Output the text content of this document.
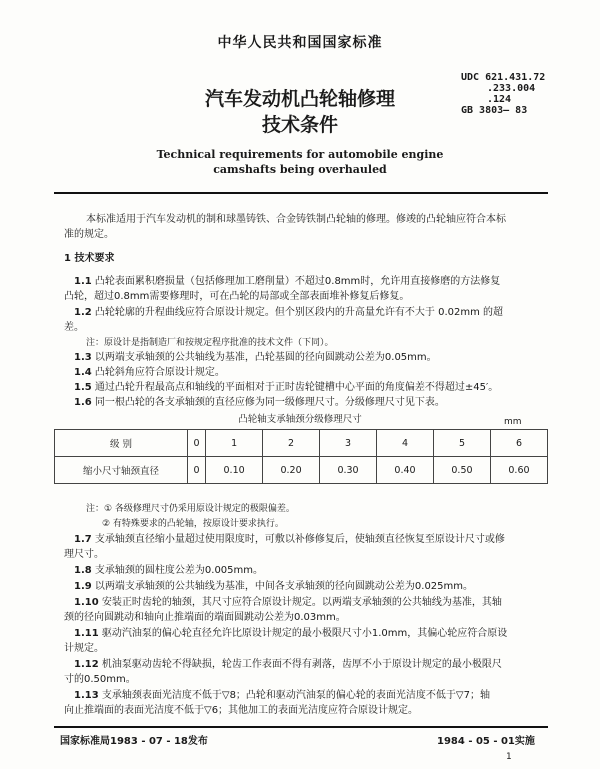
中华人民共和国国家标准
UDC 621.431.72
.233.004
.124
GB 3803— 83
汽车发动机凸轮轴修理
技术条件
Technical requirements for automobile engine
camshafts being overhauled
本标准适用于汽车发动机的制和球墨铸铁、合金铸铁制凸轮轴的修理。修竣的凸轮轴应符合本标
准的规定。
1 技术要求
1.1 凸轮表面累积磨损量（包括修理加工磨削量）不超过0.8mm时，允许用直接修磨的方法修复
凸轮，超过0.8mm需要修理时，可在凸轮的局部或全部表面堆补修复后修复。
1.2 凸轮轮廓的升程曲线应符合原设计规定。但个别区段内的升高量允许有不大于 0.02mm 的超
差。
注：原设计是指制造厂和按规定程序批准的技术文件（下同）。
1.3 以两端支承轴颈的公共轴线为基准，凸轮基圆的径向圆跳动公差为0.05mm。
1.4 凸轮斜角应符合原设计规定。
1.5 通过凸轮升程最高点和轴线的平面相对于正时齿轮键槽中心平面的角度偏差不得超过±45′。
1.6 同一根凸轮的各支承轴颈的直径应修为同一级修理尺寸。分级修理尺寸见下表。
凸轮轴支承轴颈分级修理尺寸	mm
级 别	0	1	2	3	4	5	6
缩小尺寸轴颈直径	0	0.10	0.20	0.30	0.40	0.50	0.60
注：① 各级修理尺寸仍采用原设计规定的极限偏差。
② 有特殊要求的凸轮轴，按原设计要求执行。
1.7 支承轴颈直径缩小量超过使用限度时，可敷以补修修复后，使轴颈直径恢复至原设计尺寸或修
理尺寸。
1.8 支承轴颈的圆柱度公差为0.005mm。
1.9 以两端支承轴颈的公共轴线为基准，中间各支承轴颈的径向圆跳动公差为0.025mm。
1.10 安装正时齿轮的轴颈，其尺寸应符合原设计规定。以两端支承轴颈的公共轴线为基准，其轴
颈的径向圆跳动和轴向止推端面的端面圆跳动公差为0.03mm。
1.11 驱动汽油泵的偏心轮直径允许比原设计规定的最小极限尺寸小1.0mm，其偏心轮应符合原设
计规定。
1.12 机油泵驱动齿轮不得缺损，轮齿工作表面不得有剥落，齿厚不小于原设计规定的最小极限尺
寸的0.50mm。
1.13 支承轴颈表面光洁度不低于▽8；凸轮和驱动汽油泵的偏心轮的表面光洁度不低于▽7；轴
向止推端面的表面光洁度不低于▽6；其他加工的表面光洁度应符合原设计规定。
国家标准局1983 - 07 - 18发布	1984 - 05 - 01实施
1
